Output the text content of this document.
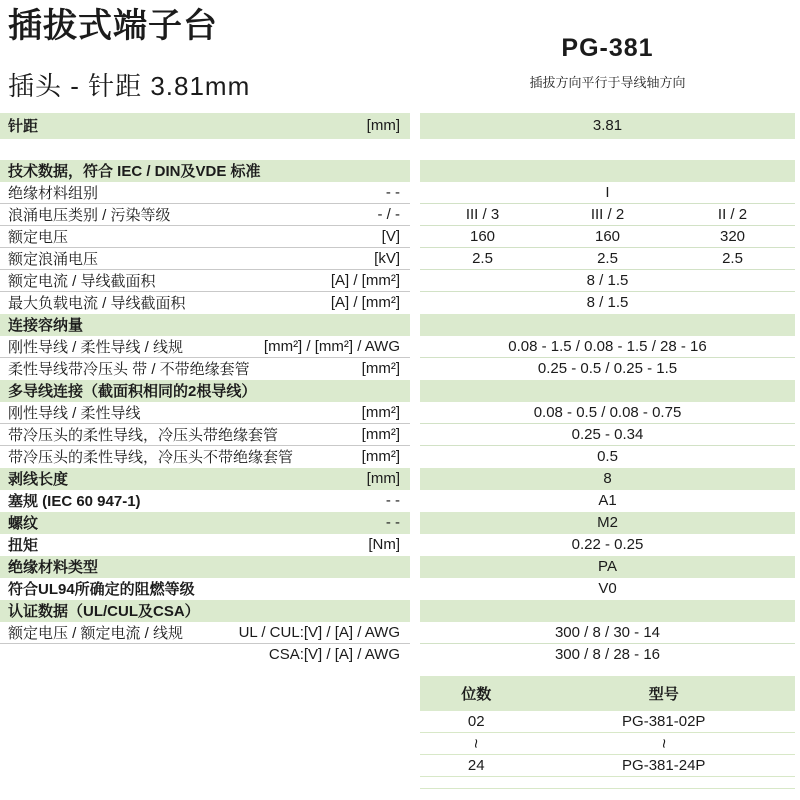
插拔式端子台
插头 - 针距 3.81mm
PG-381
插拔方向平行于导线轴方向
针距	[mm]	3.81
技术数据，符合 IEC / DIN及VDE 标准
绝缘材料组别	- -	I
浪涌电压类别 / 污染等级	- / -	III / 3	III / 2	II / 2
额定电压	[V]	160	160	320
额定浪涌电压	[kV]	2.5	2.5	2.5
额定电流 / 导线截面积	[A] / [mm²]	8 / 1.5
最大负载电流 / 导线截面积	[A] / [mm²]	8 / 1.5
连接容纳量
刚性导线 / 柔性导线 / 线规	[mm²] / [mm²] / AWG	0.08 - 1.5 / 0.08 - 1.5 / 28 - 16
柔性导线带冷压头 带 / 不带绝缘套管	[mm²]	0.25 - 0.5 / 0.25 - 1.5
多导线连接（截面积相同的2根导线）
刚性导线 / 柔性导线	[mm²]	0.08 - 0.5 / 0.08 - 0.75
带冷压头的柔性导线，冷压头带绝缘套管	[mm²]	0.25 - 0.34
带冷压头的柔性导线，冷压头不带绝缘套管	[mm²]	0.5
剥线长度	[mm]	8
塞规 (IEC 60 947-1)	- -	A1
螺纹	- -	M2
扭矩	[Nm]	0.22 - 0.25
绝缘材料类型	PA
符合UL94所确定的阻燃等级	V0
认证数据（UL/CUL及CSA）
额定电压 / 额定电流 / 线规	UL / CUL:[V] / [A] / AWG	300 / 8 / 30 - 14
CSA:[V] / [A] / AWG	300 / 8 / 28 - 16
位数	型号
02	PG-381-02P
~	~
24	PG-381-24P
